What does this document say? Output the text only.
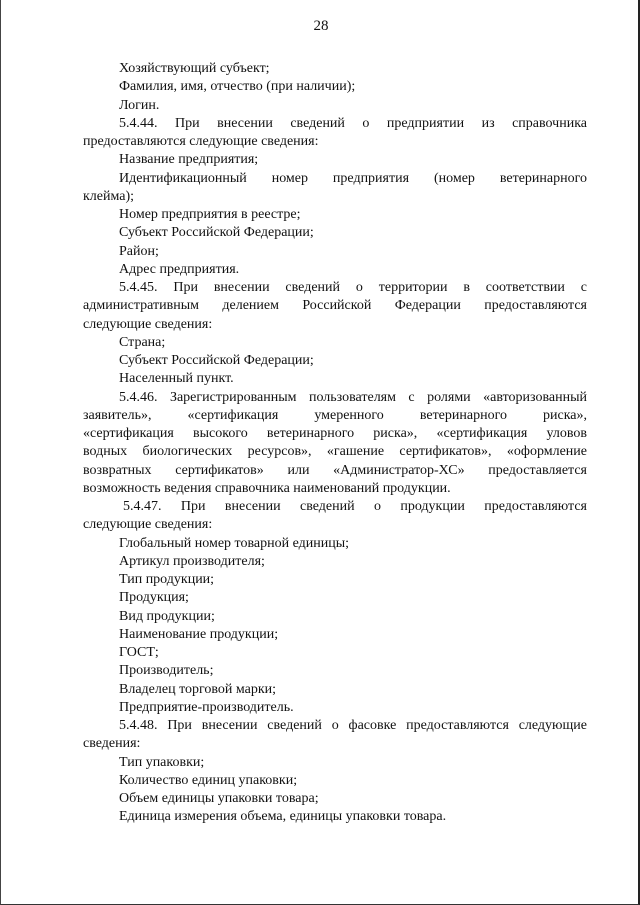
28

Хозяйствующий субъект;

Фамилия, имя, отчество (при наличии);

Логин.

5.4.44. При внесении сведений о предприятии из справочника

предоставляются следующие сведения:

Название предприятия;

Идентификационный номер предприятия (номер ветеринарного

клейма);

Номер предприятия в реестре;

Субъект Российской Федерации;

Район;

Адрес предприятия.

5.4.45. При внесении сведений о территории в соответствии с

административным делением Российской Федерации предоставляются

следующие сведения:

Страна;

Субъект Российской Федерации;

Населенный пункт.

5.4.46. Зарегистрированным пользователям с ролями «авторизованный

заявитель», «сертификация умеренного ветеринарного риска»,

«сертификация высокого ветеринарного риска», «сертификация уловов

водных биологических ресурсов», «гашение сертификатов», «оформление

возвратных сертификатов» или «Администратор-ХС» предоставляется

возможность ведения справочника наименований продукции.

5.4.47. При внесении сведений о продукции предоставляются

следующие сведения:

Глобальный номер товарной единицы;

Артикул производителя;

Тип продукции;

Продукция;

Вид продукции;

Наименование продукции;

ГОСТ;

Производитель;

Владелец торговой марки;

Предприятие-производитель.

5.4.48. При внесении сведений о фасовке предоставляются следующие

сведения:

Тип упаковки;

Количество единиц упаковки;

Объем единицы упаковки товара;

Единица измерения объема, единицы упаковки товара.
